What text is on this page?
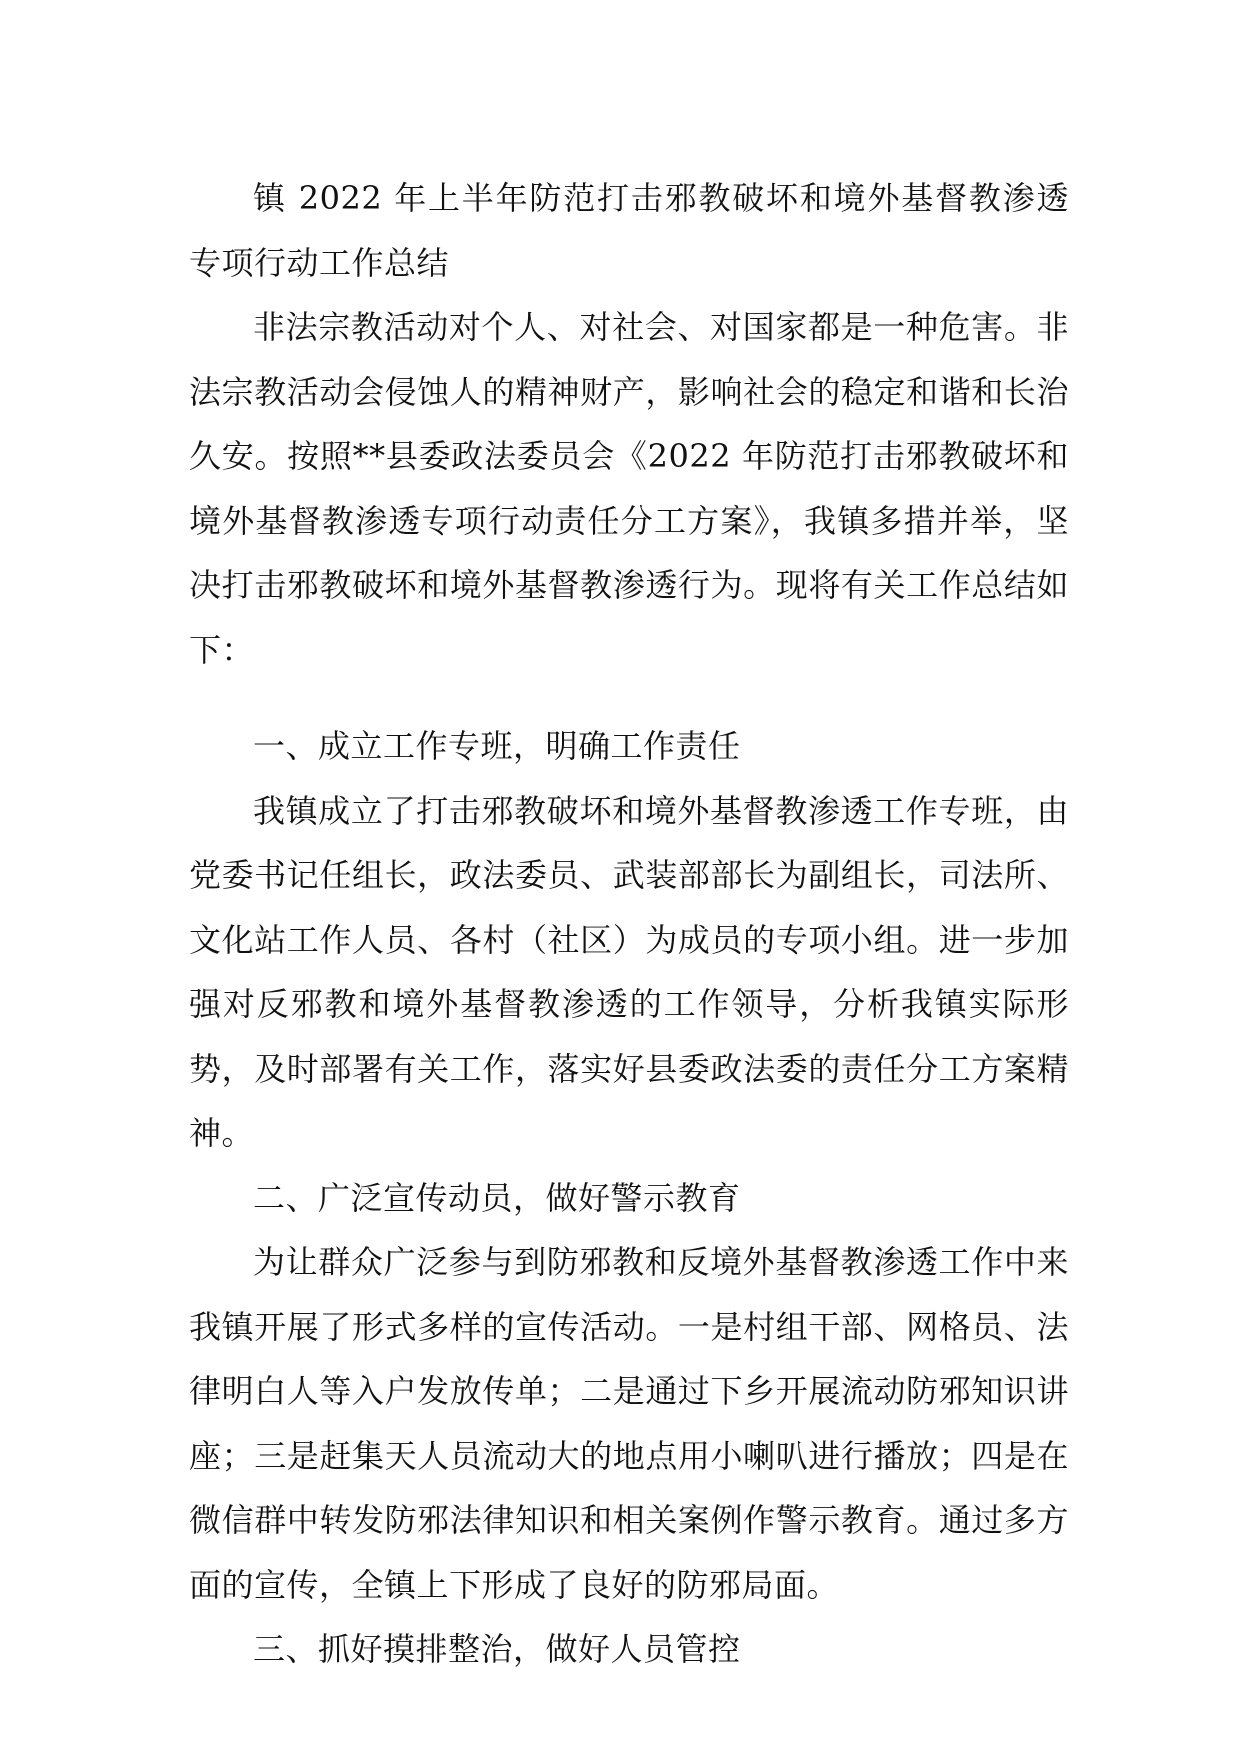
镇 2022 年上半年防范打击邪教破坏和境外基督教渗透专项行动工作总结

非法宗教活动对个人、对社会、对国家都是一种危害。非法宗教活动会侵蚀人的精神财产，影响社会的稳定和谐和长治久安。按照**县委政法委员会《2022 年防范打击邪教破坏和境外基督教渗透专项行动责任分工方案》，我镇多措并举，坚决打击邪教破坏和境外基督教渗透行为。现将有关工作总结如下：

一、成立工作专班，明确工作责任

我镇成立了打击邪教破坏和境外基督教渗透工作专班，由党委书记任组长，政法委员、武装部部长为副组长，司法所、文化站工作人员、各村（社区）为成员的专项小组。进一步加强对反邪教和境外基督教渗透的工作领导，分析我镇实际形势，及时部署有关工作，落实好县委政法委的责任分工方案精神。

二、广泛宣传动员，做好警示教育

为让群众广泛参与到防邪教和反境外基督教渗透工作中来我镇开展了形式多样的宣传活动。一是村组干部、网格员、法律明白人等入户发放传单；二是通过下乡开展流动防邪知识讲座；三是赶集天人员流动大的地点用小喇叭进行播放；四是在微信群中转发防邪法律知识和相关案例作警示教育。通过多方面的宣传，全镇上下形成了良好的防邪局面。

三、抓好摸排整治，做好人员管控
